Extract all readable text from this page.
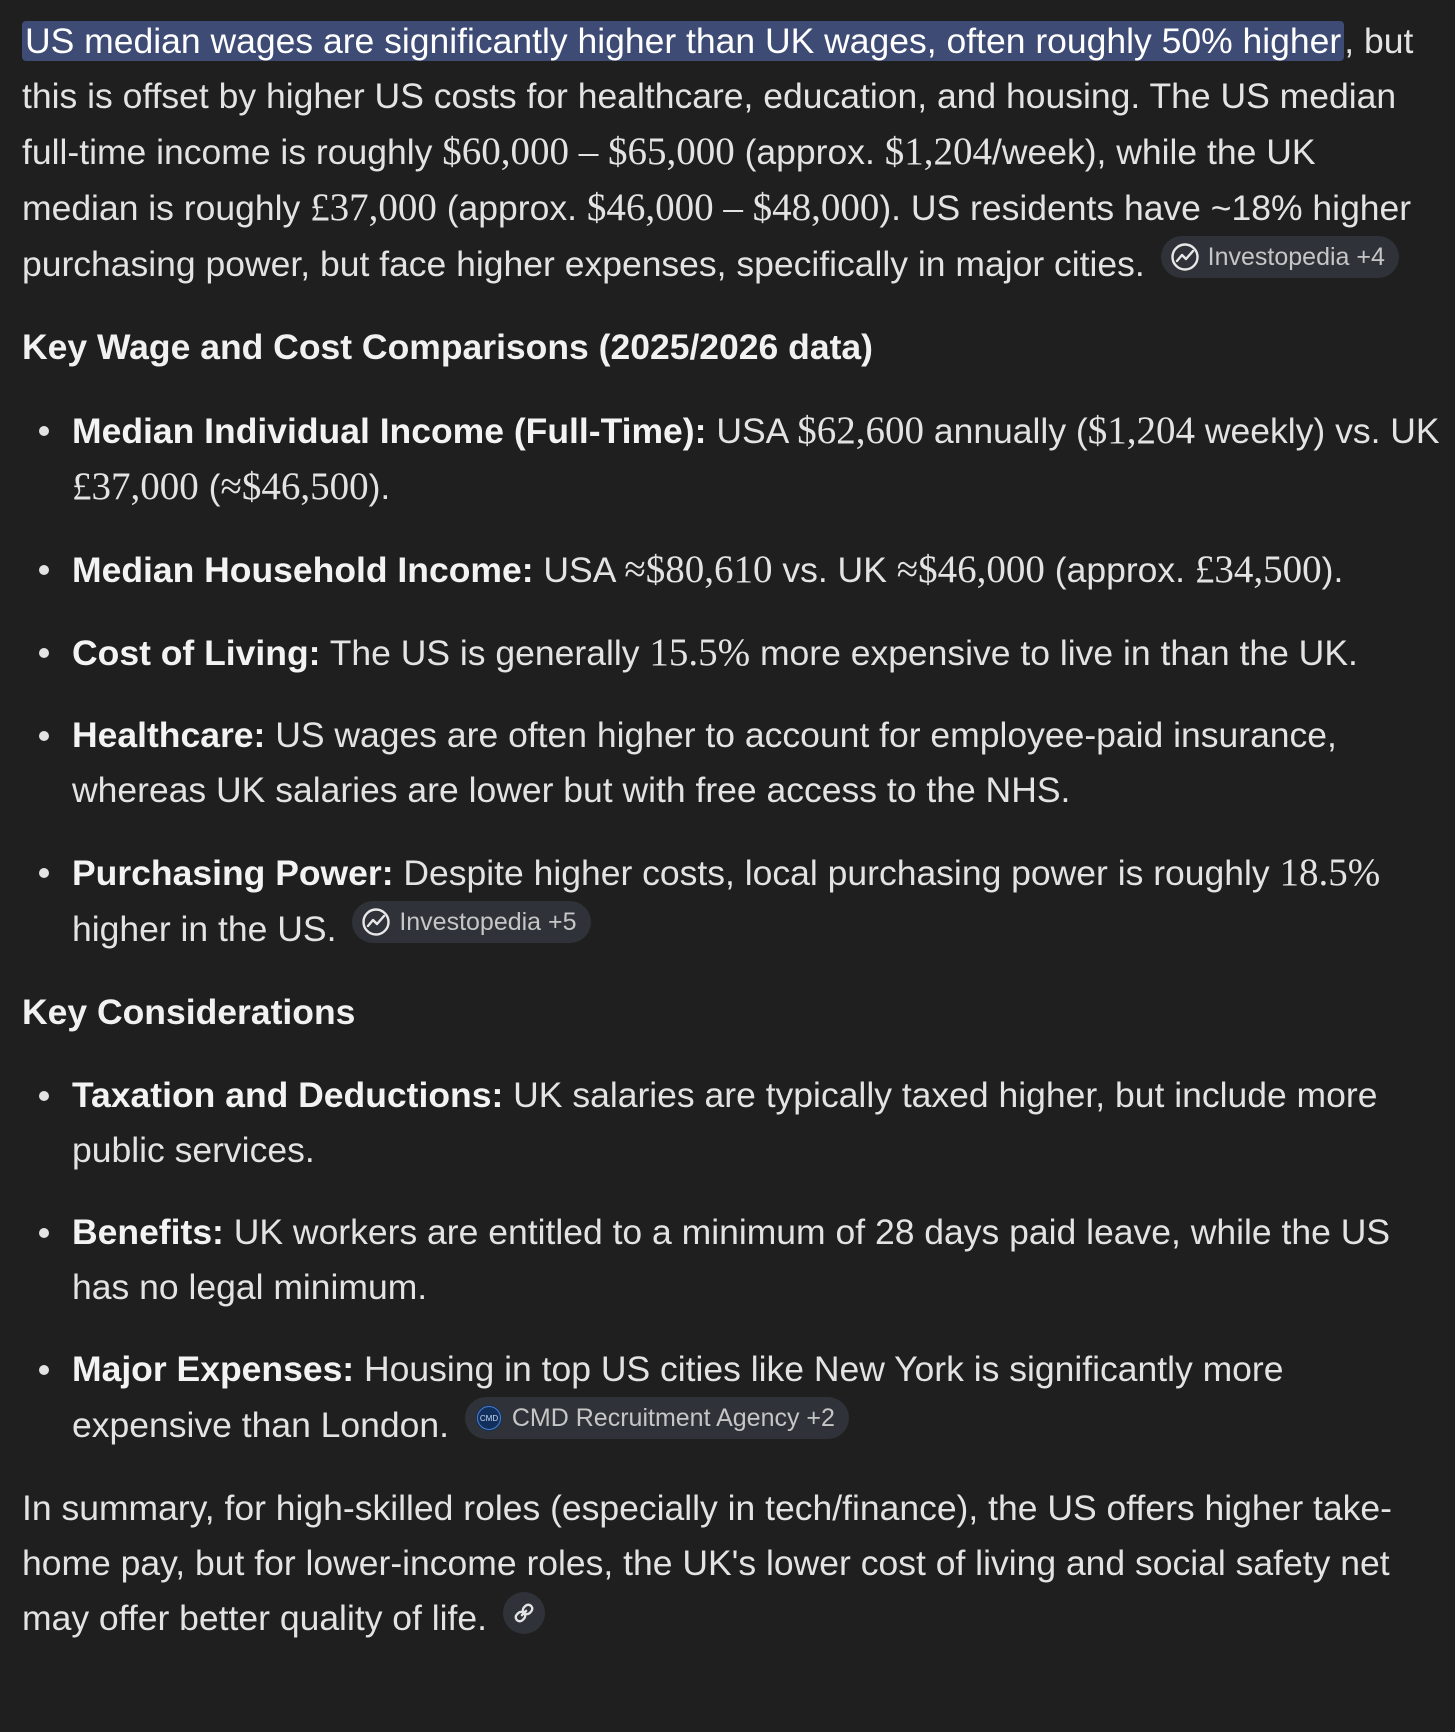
US median wages are significantly higher than UK wages, often roughly 50% higher, but this is offset by higher US costs for healthcare, education, and housing. The US median full-time income is roughly $60,000 – $65,000 (approx. $1,204/week), while the UK median is roughly £37,000 (approx. $46,000 – $48,000). US residents have ~18% higher purchasing power, but face higher expenses, specifically in major cities.	Investopedia +4

Key Wage and Cost Comparisons (2025/2026 data)
Median Individual Income (Full-Time): USA $62,600 annually ($1,204 weekly) vs. UK £37,000 (≈$46,500).
Median Household Income: USA ≈$80,610 vs. UK ≈$46,000 (approx. £34,500).
Cost of Living: The US is generally 15.5% more expensive to live in than the UK.
Healthcare: US wages are often higher to account for employee-paid insurance, whereas UK salaries are lower but with free access to the NHS.
Purchasing Power: Despite higher costs, local purchasing power is roughly 18.5% higher in the US.	Investopedia +5
Key Considerations
Taxation and Deductions: UK salaries are typically taxed higher, but include more public services.
Benefits: UK workers are entitled to a minimum of 28 days paid leave, while the US has no legal minimum.
Major Expenses: Housing in top US cities like New York is significantly more expensive than London.	CMD CMD Recruitment Agency +2

In summary, for high-skilled roles (especially in tech/finance), the US offers higher take-home pay, but for lower-income roles, the UK's lower cost of living and social safety net may offer better quality of life.
